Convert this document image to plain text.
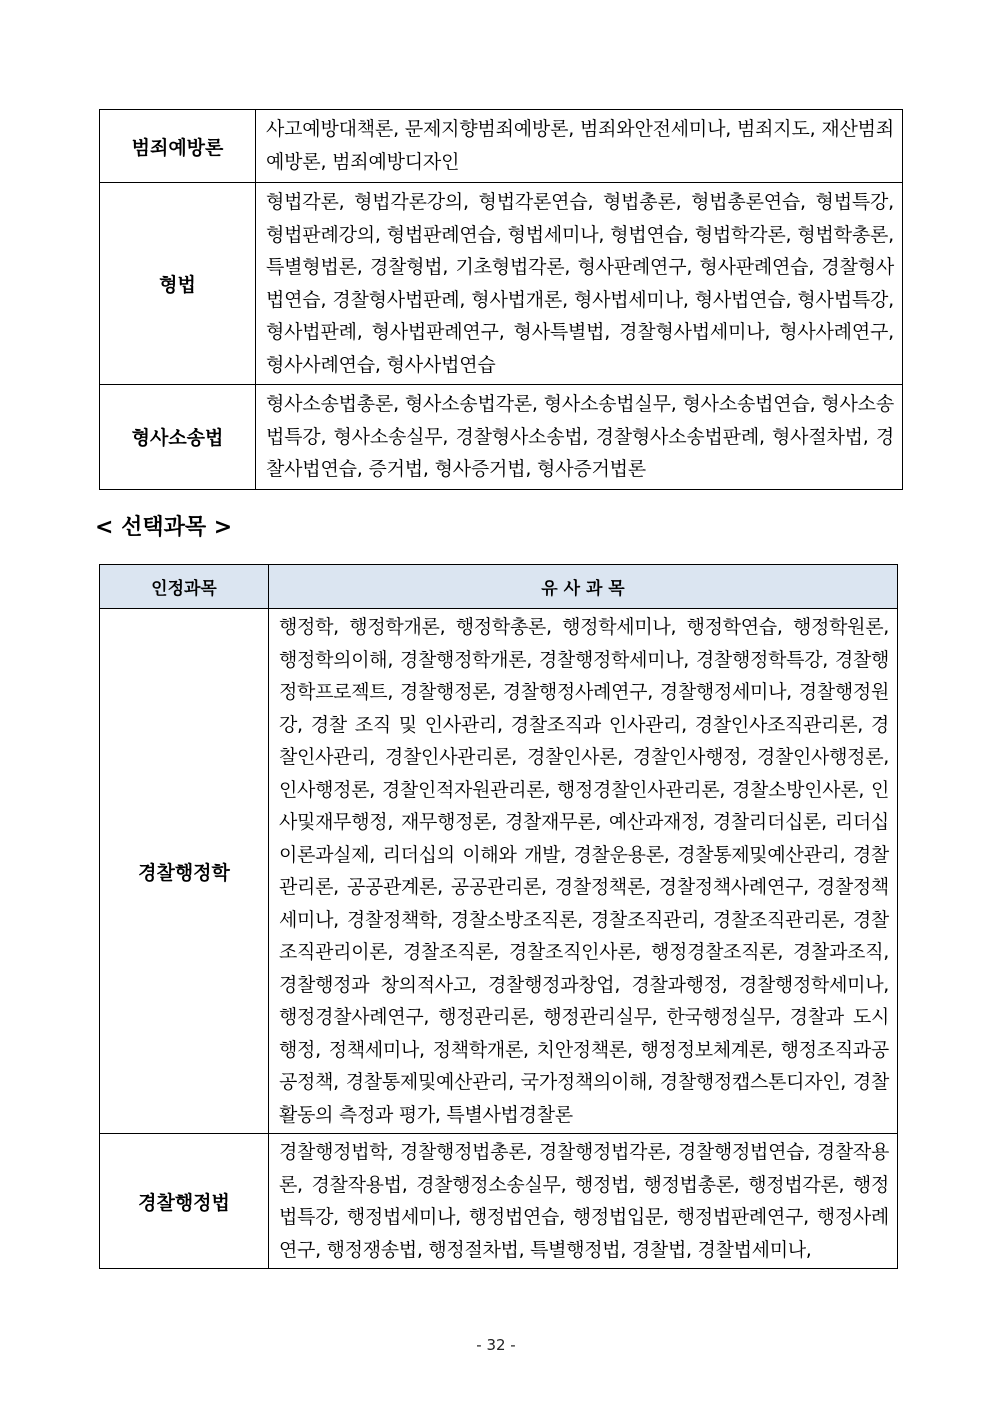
범죄예방론	사고예방대책론, 문제지향범죄예방론, 범죄와안전세미나, 범죄지도, 재산범죄예방론, 범죄예방디자인
형법	형법각론, 형법각론강의, 형법각론연습, 형법총론, 형법총론연습, 형법특강, 형법판례강의, 형법판례연습, 형법세미나, 형법연습, 형법학각론, 형법학총론, 특별형법론, 경찰형법, 기초형법각론, 형사판례연구, 형사판례연습, 경찰형사법연습, 경찰형사법판례, 형사법개론, 형사법세미나, 형사법연습, 형사법특강, 형사법판례, 형사법판례연구, 형사특별법, 경찰형사법세미나, 형사사례연구, 형사사례연습, 형사사법연습
형사소송법	형사소송법총론, 형사소송법각론, 형사소송법실무, 형사소송법연습, 형사소송법특강, 형사소송실무, 경찰형사소송법, 경찰형사소송법판례, 형사절차법, 경찰사법연습, 증거법, 형사증거법, 형사증거법론
< 선택과목 >
인정과목	유 사 과 목
경찰행정학	행정학, 행정학개론, 행정학총론, 행정학세미나, 행정학연습, 행정학원론, 행정학의이해, 경찰행정학개론, 경찰행정학세미나, 경찰행정학특강, 경찰행정학프로젝트, 경찰행정론, 경찰행정사례연구, 경찰행정세미나, 경찰행정원강, 경찰 조직 및 인사관리, 경찰조직과 인사관리, 경찰인사조직관리론, 경찰인사관리, 경찰인사관리론, 경찰인사론, 경찰인사행정, 경찰인사행정론, 인사행정론, 경찰인적자원관리론, 행정경찰인사관리론, 경찰소방인사론, 인사및재무행정, 재무행정론, 경찰재무론, 예산과재정, 경찰리더십론, 리더십이론과실제, 리더십의 이해와 개발, 경찰운용론, 경찰통제및예산관리, 경찰관리론, 공공관계론, 공공관리론, 경찰정책론, 경찰정책사례연구, 경찰정책세미나, 경찰정책학, 경찰소방조직론, 경찰조직관리, 경찰조직관리론, 경찰조직관리이론, 경찰조직론, 경찰조직인사론, 행정경찰조직론, 경찰과조직, 경찰행정과 창의적사고, 경찰행정과창업, 경찰과행정, 경찰행정학세미나, 행정경찰사례연구, 행정관리론, 행정관리실무, 한국행정실무, 경찰과 도시행정, 정책세미나, 정책학개론, 치안정책론, 행정정보체계론, 행정조직과공공정책, 경찰통제및예산관리, 국가정책의이해, 경찰행정캡스톤디자인, 경찰활동의 측정과 평가, 특별사법경찰론
경찰행정법	경찰행정법학, 경찰행정법총론, 경찰행정법각론, 경찰행정법연습, 경찰작용론, 경찰작용법, 경찰행정소송실무, 행정법, 행정법총론, 행정법각론, 행정법특강, 행정법세미나, 행정법연습, 행정법입문, 행정법판례연구, 행정사례연구, 행정쟁송법, 행정절차법, 특별행정법, 경찰법, 경찰법세미나,
- 32 -
